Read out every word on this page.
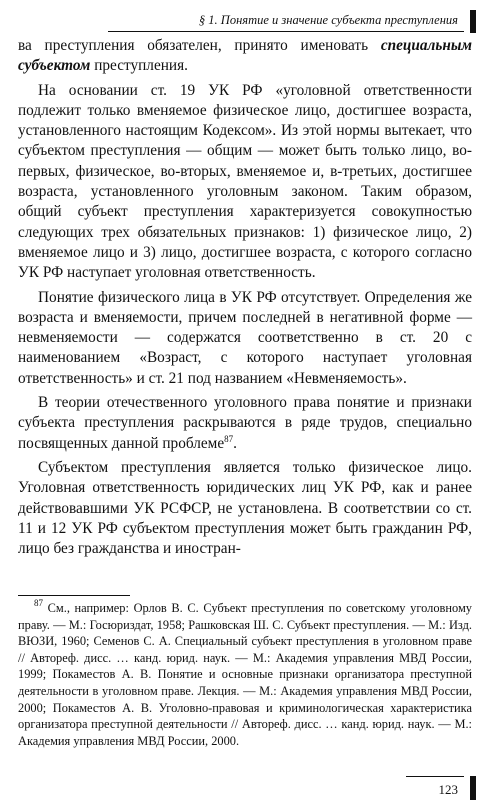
§ 1. Понятие и значение субъекта преступления

ва преступления обязателен, принято именовать специальным субъектом преступления.

На основании ст. 19 УК РФ «уголовной ответственности подлежит только вменяемое физическое лицо, достигшее возраста, установленного настоящим Кодексом». Из этой нормы вытекает, что субъектом преступления — общим — может быть только лицо, во-первых, физическое, во-вторых, вменяемое и, в-третьих, достигшее возраста, установленного уголовным законом. Таким образом, общий субъект преступления характеризуется совокупностью следующих трех обязательных признаков: 1) физическое лицо, 2) вменяемое лицо и 3) лицо, достигшее возраста, с которого согласно УК РФ наступает уголовная ответственность.

Понятие физического лица в УК РФ отсутствует. Определения же возраста и вменяемости, причем последней в негативной форме — невменяемости — содержатся соответственно в ст. 20 с наименованием «Возраст, с которого наступает уголовная ответственность» и ст. 21 под названием «Невменяемость».

В теории отечественного уголовного права понятие и признаки субъекта преступления раскрываются в ряде трудов, специально посвященных данной проблеме$^{87}$.

Субъектом преступления является только физическое лицо. Уголовная ответственность юридических лиц УК РФ, как и ранее действовавшими УК РСФСР, не установлена. В соответствии со ст. 11 и 12 УК РФ субъектом преступления может быть гражданин РФ, лицо без гражданства и иностран-

$^{87}$ См., например: Орлов В. С. Субъект преступления по советскому уголовному праву. — М.: Госюриздат, 1958; Рашковская Ш. С. Субъект преступления. — М.: Изд. ВЮЗИ, 1960; Семенов С. А. Специальный субъект преступления в уголовном праве // Автореф. дисс. … канд. юрид. наук. — М.: Академия управления МВД России, 1999; Покаместов А. В. Понятие и основные признаки организатора преступной деятельности в уголовном праве. Лекция. — М.: Академия управления МВД России, 2000; Покаместов А. В. Уголовно-правовая и криминологическая характеристика организатора преступной деятельности // Автореф. дисс. … канд. юрид. наук. — М.: Академия управления МВД России, 2000.

123
